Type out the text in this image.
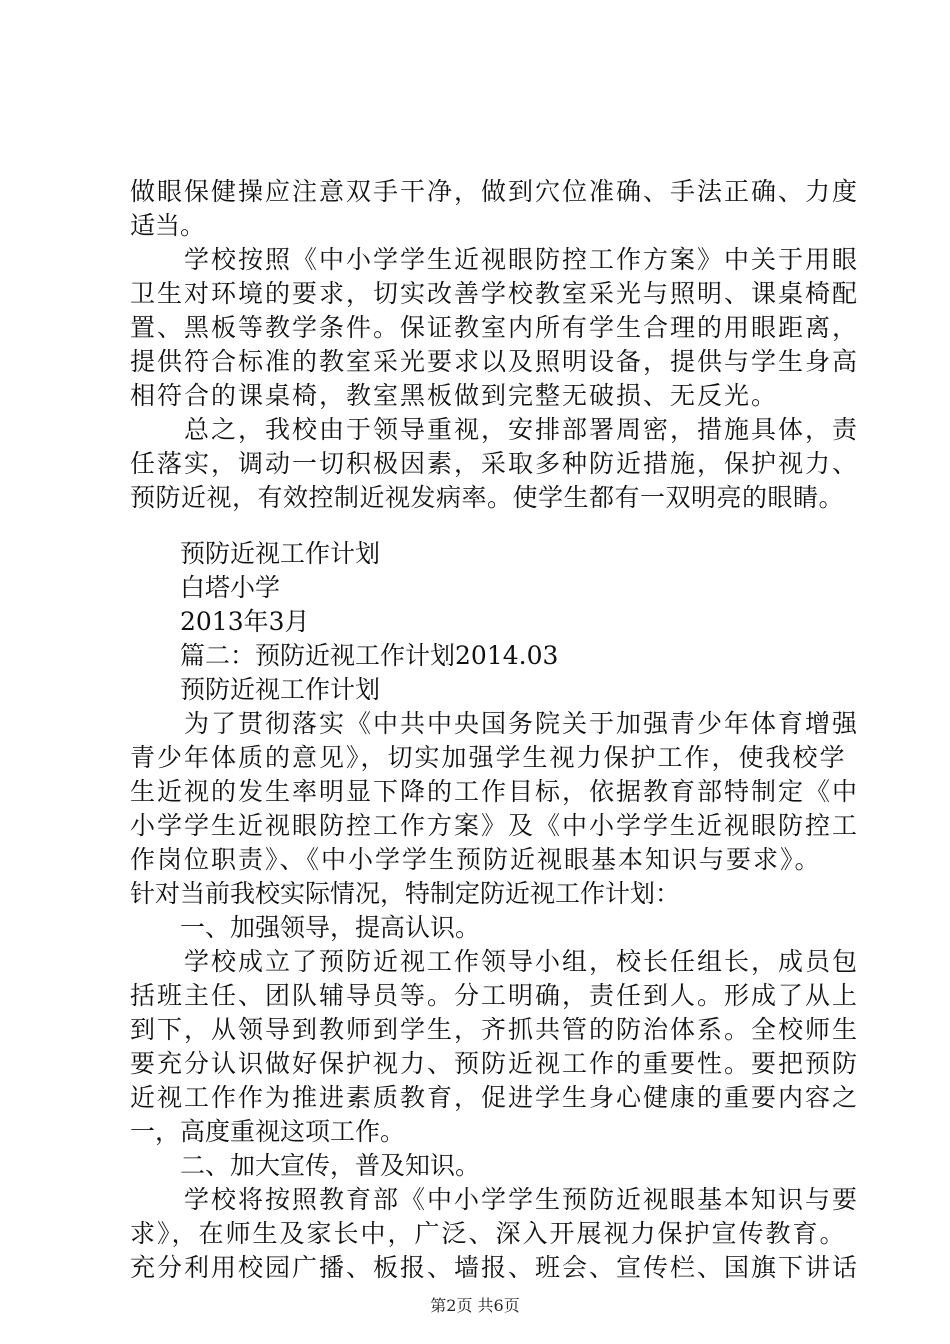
做眼保健操应注意双手干净，做到穴位准确、手法正确、力度
适当。
　　学校按照《中小学学生近视眼防控工作方案》中关于用眼
卫生对环境的要求，切实改善学校教室采光与照明、课桌椅配
置、黑板等教学条件。保证教室内所有学生合理的用眼距离，
提供符合标准的教室采光要求以及照明设备，提供与学生身高
相符合的课桌椅，教室黑板做到完整无破损、无反光。
　　总之，我校由于领导重视，安排部署周密，措施具体，责
任落实，调动一切积极因素，采取多种防近措施，保护视力、
预防近视，有效控制近视发病率。使学生都有一双明亮的眼睛。
　　预防近视工作计划
　　白塔小学
　　2013年3月
　　篇二：预防近视工作计划2014.03
　　预防近视工作计划
　　为了贯彻落实《中共中央国务院关于加强青少年体育增强
青少年体质的意见》，切实加强学生视力保护工作，使我校学
生近视的发生率明显下降的工作目标，依据教育部特制定《中
小学学生近视眼防控工作方案》及《中小学学生近视眼防控工
作岗位职责》、《中小学学生预防近视眼基本知识与要求》。
针对当前我校实际情况，特制定防近视工作计划：
　　一、加强领导，提高认识。
　　学校成立了预防近视工作领导小组，校长任组长，成员包
括班主任、团队辅导员等。分工明确，责任到人。形成了从上
到下，从领导到教师到学生，齐抓共管的防治体系。全校师生
要充分认识做好保护视力、预防近视工作的重要性。要把预防
近视工作作为推进素质教育，促进学生身心健康的重要内容之
一，高度重视这项工作。
　　二、加大宣传，普及知识。
　　学校将按照教育部《中小学学生预防近视眼基本知识与要
求》，在师生及家长中，广泛、深入开展视力保护宣传教育。
充分利用校园广播、板报、墙报、班会、宣传栏、国旗下讲话
第2页 共6页
